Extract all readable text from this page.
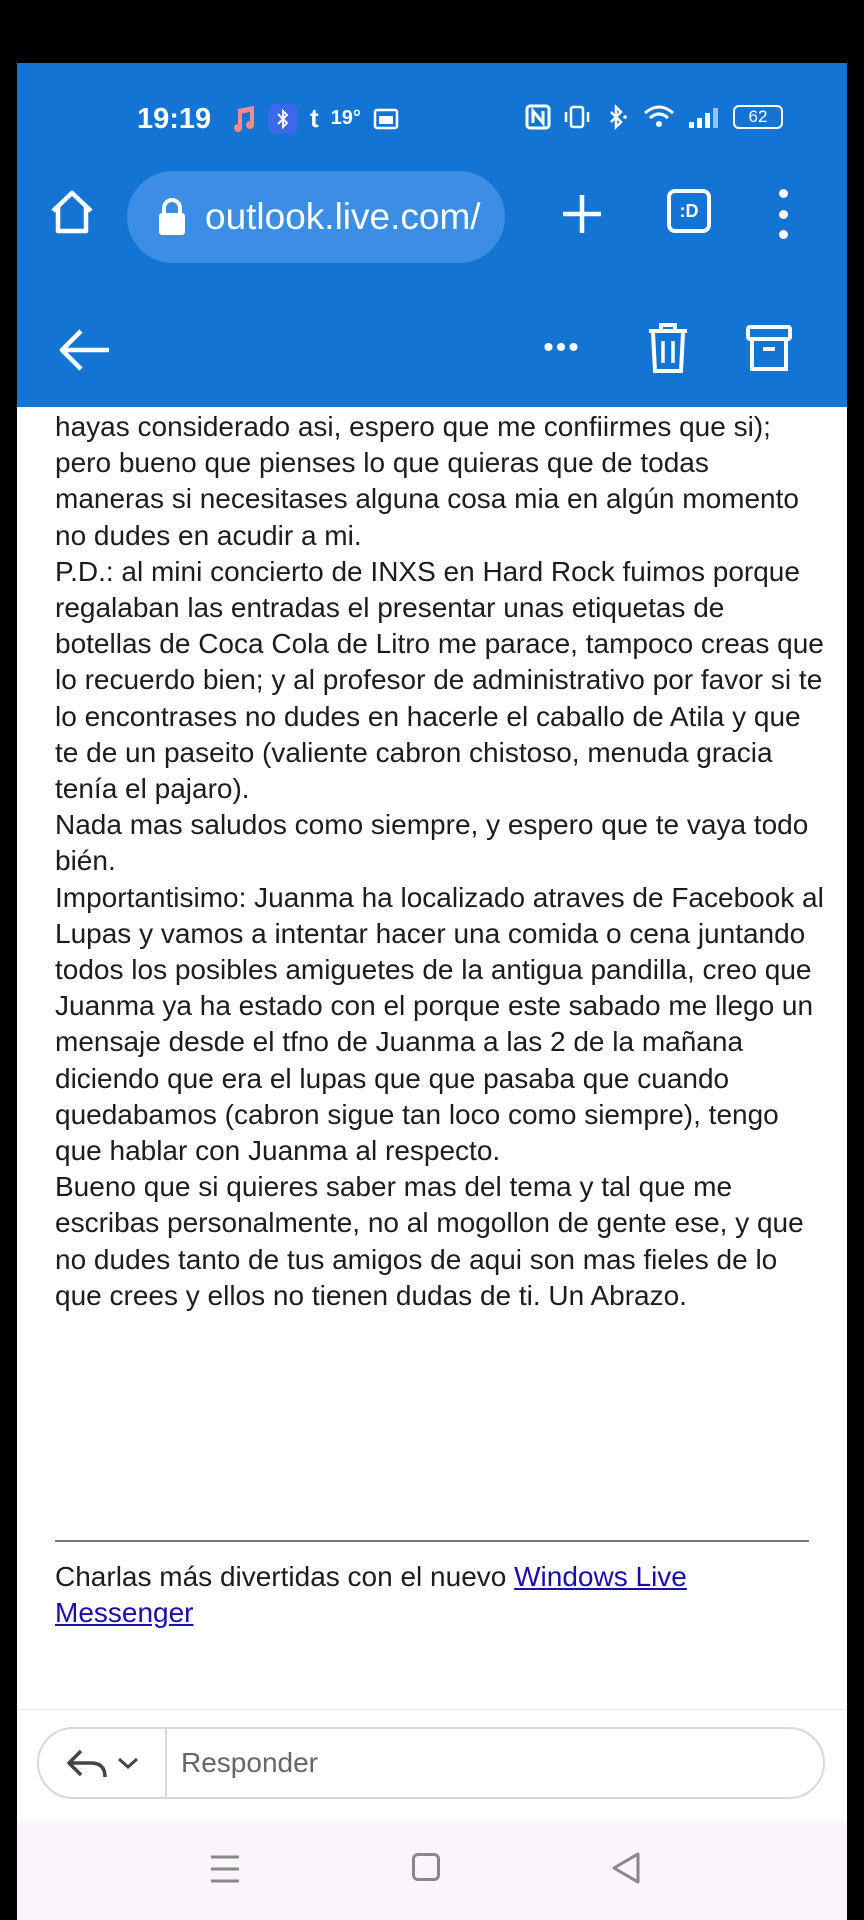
19:19	t 19°	62
outlook.live.com/	:D
•••

hayas considerado asi, espero que me confiirmes que si); pero bueno que pienses lo que quieras que de todas maneras si necesitases alguna cosa mia en algún momento no dudes en acudir a mi.

P.D.: al mini concierto de INXS en Hard Rock fuimos porque regalaban las entradas el presentar unas etiquetas de botellas de Coca Cola de Litro me parace, tampoco creas que lo recuerdo bien; y al profesor de administrativo por favor si te lo encontrases no dudes en hacerle el caballo de Atila y que te de un paseito (valiente cabron chistoso, menuda gracia tenía el pajaro).

Nada mas saludos como siempre, y espero que te vaya todo bién.

Importantisimo: Juanma ha localizado atraves de Facebook al Lupas y vamos a intentar hacer una comida o cena juntando todos los posibles amiguetes de la antigua pandilla, creo que Juanma ya ha estado con el porque este sabado me llego un mensaje desde el tfno de Juanma a las 2 de la mañana diciendo que era el lupas que que pasaba que cuando quedabamos (cabron sigue tan loco como siempre), tengo que hablar con Juanma al respecto.

Bueno que si quieres saber mas del tema y tal que me escribas personalmente, no al mogollon de gente ese, y que no dudes tanto de tus amigos de aqui son mas fieles de lo que crees y ellos no tienen dudas de ti. Un Abrazo.

Charlas más divertidas con el nuevo Windows Live Messenger
Responder
